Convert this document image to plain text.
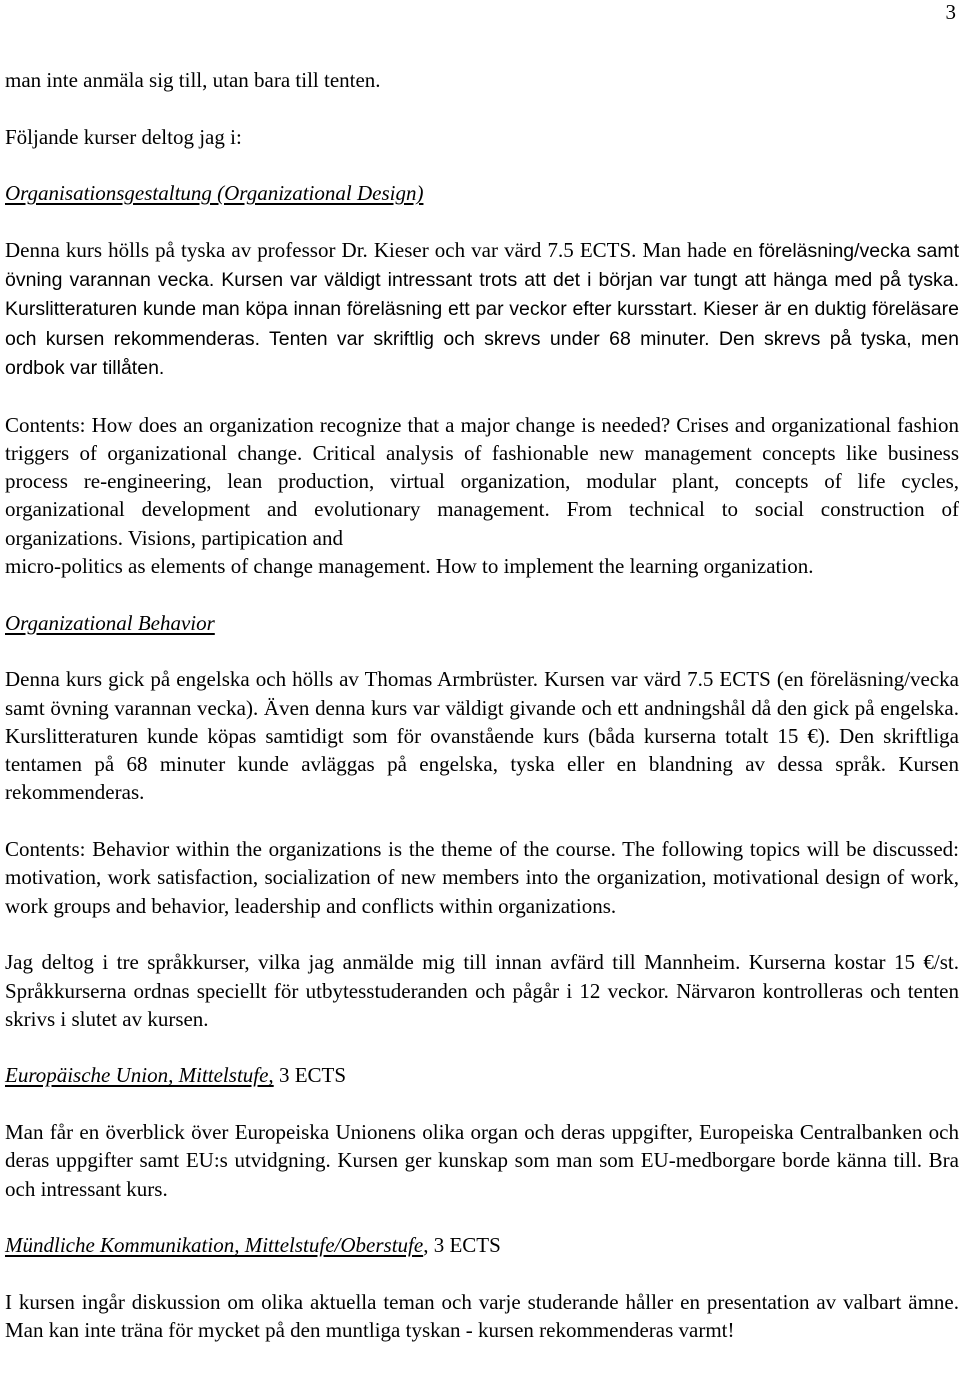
3

man inte anmäla sig till, utan bara till tenten.

Följande kurser deltog jag i:

Organisationsgestaltung (Organizational Design)

Denna kurs hölls på tyska av professor Dr. Kieser och var värd 7.5 ECTS. Man hade en föreläsning/vecka samt övning varannan vecka. Kursen var väldigt intressant trots att det i början var tungt att hänga med på tyska. Kurslitteraturen kunde man köpa innan föreläsning ett par veckor efter kursstart. Kieser är en duktig föreläsare och kursen rekommenderas. Tenten var skriftlig och skrevs under 68 minuter. Den skrevs på tyska, men ordbok var tillåten.

Contents: How does an organization recognize that a major change is needed? Crises and organizational fashion triggers of organizational change. Critical analysis of fashionable new management concepts like business process re-engineering, lean production, virtual organization, modular plant, concepts of life cycles, organizational development and evolutionary management. From technical to social construction of organizations. Visions, partipication and
micro-politics as elements of change management. How to implement the learning organization.

Organizational Behavior

Denna kurs gick på engelska och hölls av Thomas Armbrüster. Kursen var värd 7.5 ECTS (en föreläsning/vecka samt övning varannan vecka). Även denna kurs var väldigt givande och ett andningshål då den gick på engelska. Kurslitteraturen kunde köpas samtidigt som för ovanstående kurs (båda kurserna totalt 15 €). Den skriftliga tentamen på 68 minuter kunde avläggas på engelska, tyska eller en blandning av dessa språk. Kursen rekommenderas.

Contents: Behavior within the organizations is the theme of the course. The following topics will be discussed: motivation, work satisfaction, socialization of new members into the organization, motivational design of work, work groups and behavior, leadership and conflicts within organizations.

Jag deltog i tre språkkurser, vilka jag anmälde mig till innan avfärd till Mannheim. Kurserna kostar 15 €/st. Språkkurserna ordnas speciellt för utbytesstuderanden och pågår i 12 veckor. Närvaron kontrolleras och tenten skrivs i slutet av kursen.

Europäische Union, Mittelstufe, 3 ECTS

Man får en överblick över Europeiska Unionens olika organ och deras uppgifter, Europeiska Centralbanken och deras uppgifter samt EU:s utvidgning. Kursen ger kunskap som man som EU-medborgare borde känna till. Bra och intressant kurs.

Mündliche Kommunikation, Mittelstufe/Oberstufe, 3 ECTS

I kursen ingår diskussion om olika aktuella teman och varje studerande håller en presentation av valbart ämne. Man kan inte träna för mycket på den muntliga tyskan - kursen rekommenderas varmt!
